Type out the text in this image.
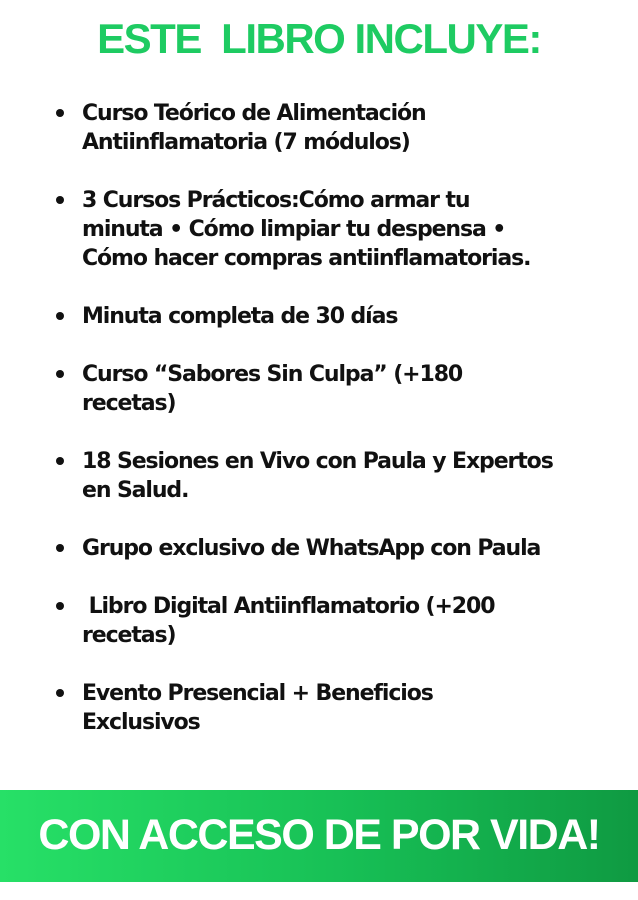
ESTE  LIBRO INCLUYE:
Curso Teórico de Alimentación
Antiinflamatoria (7 módulos)
3 Cursos Prácticos:Cómo armar tu
minuta • Cómo limpiar tu despensa •
Cómo hacer compras antiinflamatorias.
Minuta completa de 30 días
Curso “Sabores Sin Culpa” (+180
recetas)
18 Sesiones en Vivo con Paula y Expertos
en Salud.
Grupo exclusivo de WhatsApp con Paula
Libro Digital Antiinflamatorio (+200
recetas)
Evento Presencial + Beneficios
Exclusivos
CON ACCESO DE POR VIDA!
